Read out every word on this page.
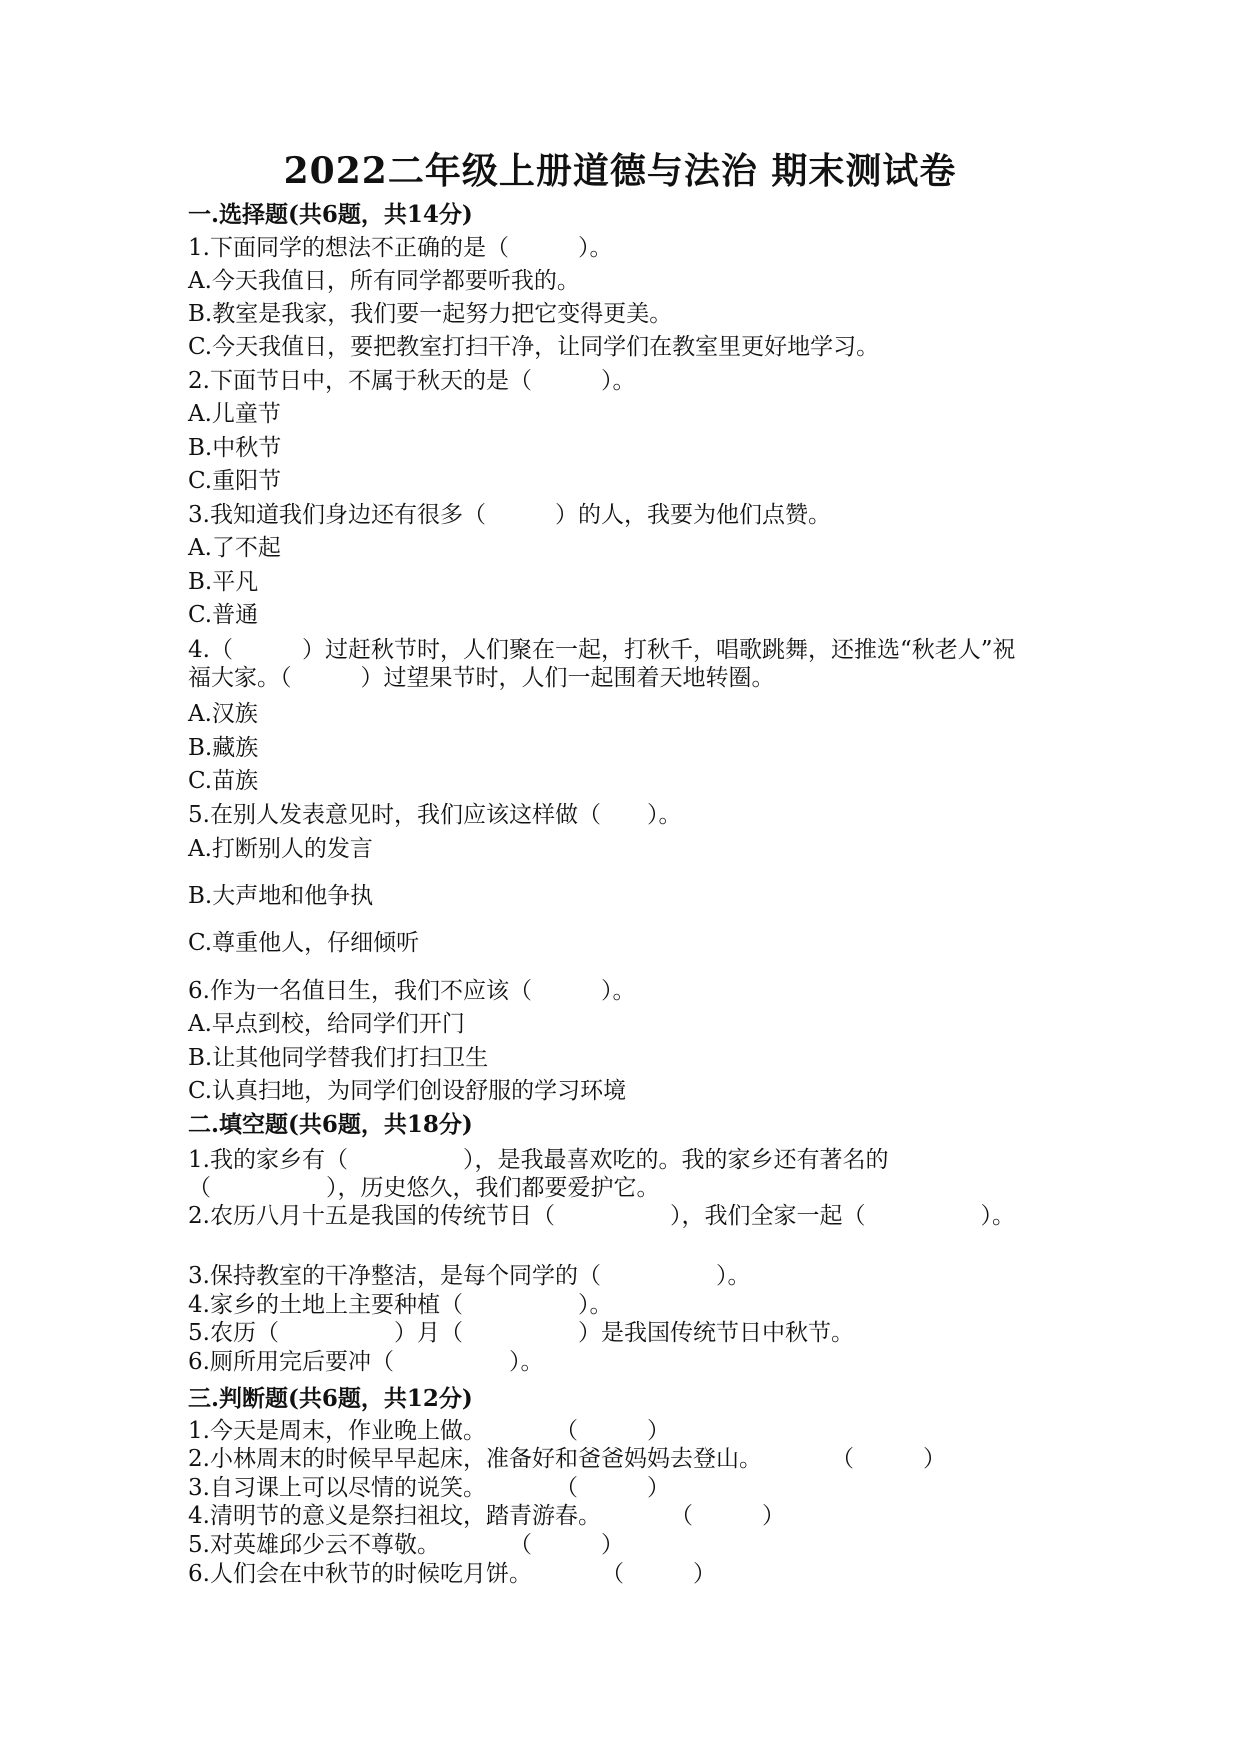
2022二年级上册道德与法治 期末测试卷
一.选择题(共6题，共14分)
1.下面同学的想法不正确的是（　　　）。
A.今天我值日，所有同学都要听我的。
B.教室是我家，我们要一起努力把它变得更美。
C.今天我值日，要把教室打扫干净，让同学们在教室里更好地学习。
2.下面节日中，不属于秋天的是（　　　）。
A.儿童节
B.中秋节
C.重阳节
3.我知道我们身边还有很多（　　　）的人，我要为他们点赞。
A.了不起
B.平凡
C.普通
4.（　　　）过赶秋节时，人们聚在一起，打秋千，唱歌跳舞，还推选“秋老人”祝福大家。（　　　）过望果节时，人们一起围着天地转圈。
A.汉族
B.藏族
C.苗族
5.在别人发表意见时，我们应该这样做（　　）。
A.打断别人的发言
B.大声地和他争执
C.尊重他人，仔细倾听
6.作为一名值日生，我们不应该（　　　）。
A.早点到校，给同学们开门
B.让其他同学替我们打扫卫生
C.认真扫地，为同学们创设舒服的学习环境
二.填空题(共6题，共18分)
1.我的家乡有（　　　　　），是我最喜欢吃的。我的家乡还有著名的（　　　　　），历史悠久，我们都要爱护它。
2.农历八月十五是我国的传统节日（　　　　　），我们全家一起（　　　　　）。
3.保持教室的干净整洁，是每个同学的（　　　　　）。
4.家乡的土地上主要种植（　　　　　）。
5.农历（　　　　　）月（　　　　　）是我国传统节日中秋节。
6.厕所用完后要冲（　　　　　）。
三.判断题(共6题，共12分)
1.今天是周末，作业晚上做。　　　　（　　　）
2.小林周末的时候早早起床，准备好和爸爸妈妈去登山。　　　　（　　　）
3.自习课上可以尽情的说笑。　　　　（　　　）
4.清明节的意义是祭扫祖坟，踏青游春。　　　　（　　　）
5.对英雄邱少云不尊敬。　　　　（　　　）
6.人们会在中秋节的时候吃月饼。　　　　（　　　）
